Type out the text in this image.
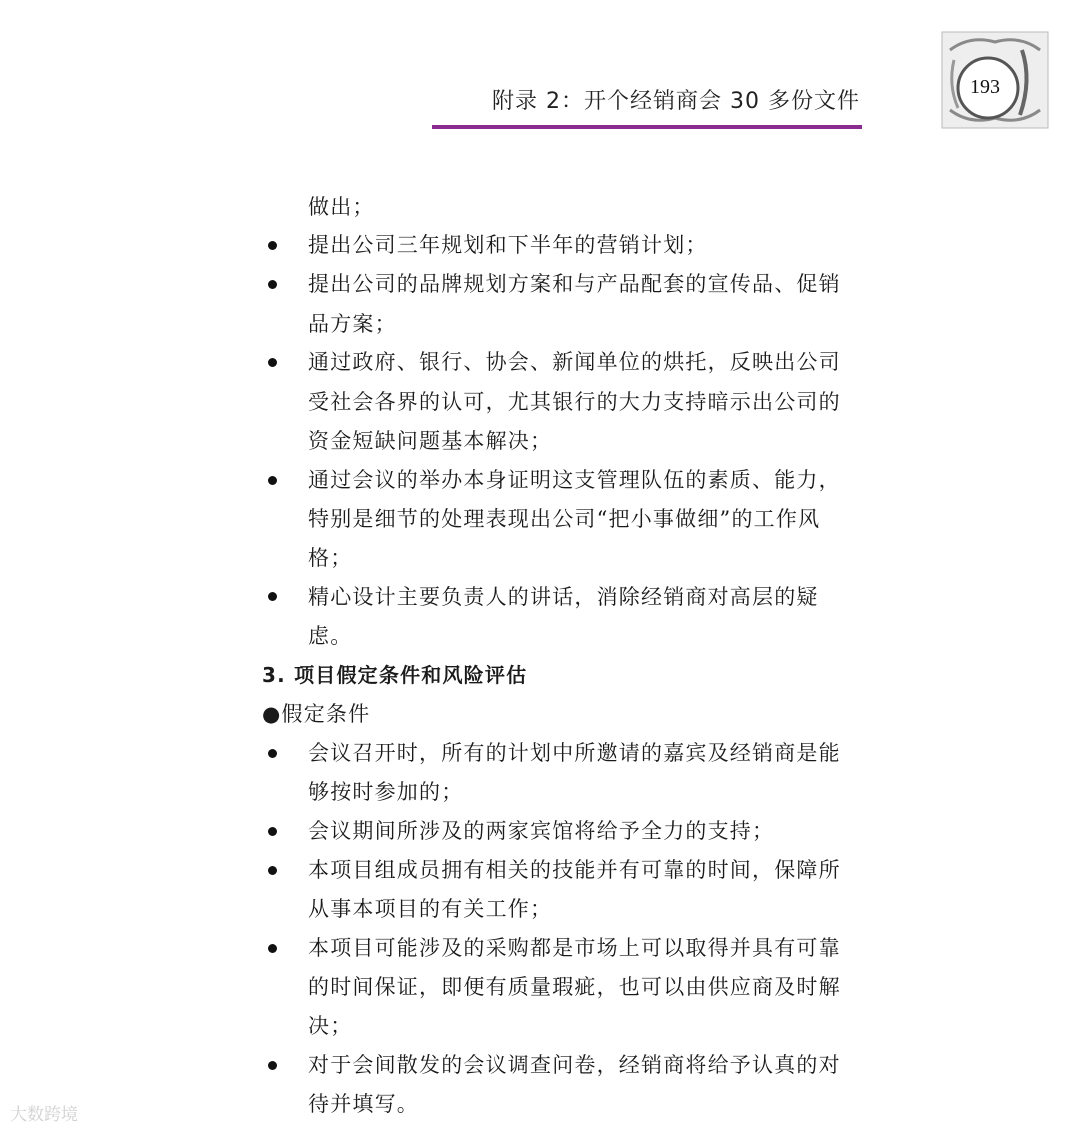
附录 2：开个经销商会 30 多份文件
193
做出；
提出公司三年规划和下半年的营销计划；
提出公司的品牌规划方案和与产品配套的宣传品、促销
品方案；
通过政府、银行、协会、新闻单位的烘托，反映出公司
受社会各界的认可，尤其银行的大力支持暗示出公司的
资金短缺问题基本解决；
通过会议的举办本身证明这支管理队伍的素质、能力，
特别是细节的处理表现出公司“把小事做细”的工作风
格；
精心设计主要负责人的讲话，消除经销商对高层的疑
虑。
3. 项目假定条件和风险评估
●假定条件
会议召开时，所有的计划中所邀请的嘉宾及经销商是能
够按时参加的；
会议期间所涉及的两家宾馆将给予全力的支持；
本项目组成员拥有相关的技能并有可靠的时间，保障所
从事本项目的有关工作；
本项目可能涉及的采购都是市场上可以取得并具有可靠
的时间保证，即便有质量瑕疵，也可以由供应商及时解
决；
对于会间散发的会议调查问卷，经销商将给予认真的对
待并填写。
大数跨境
